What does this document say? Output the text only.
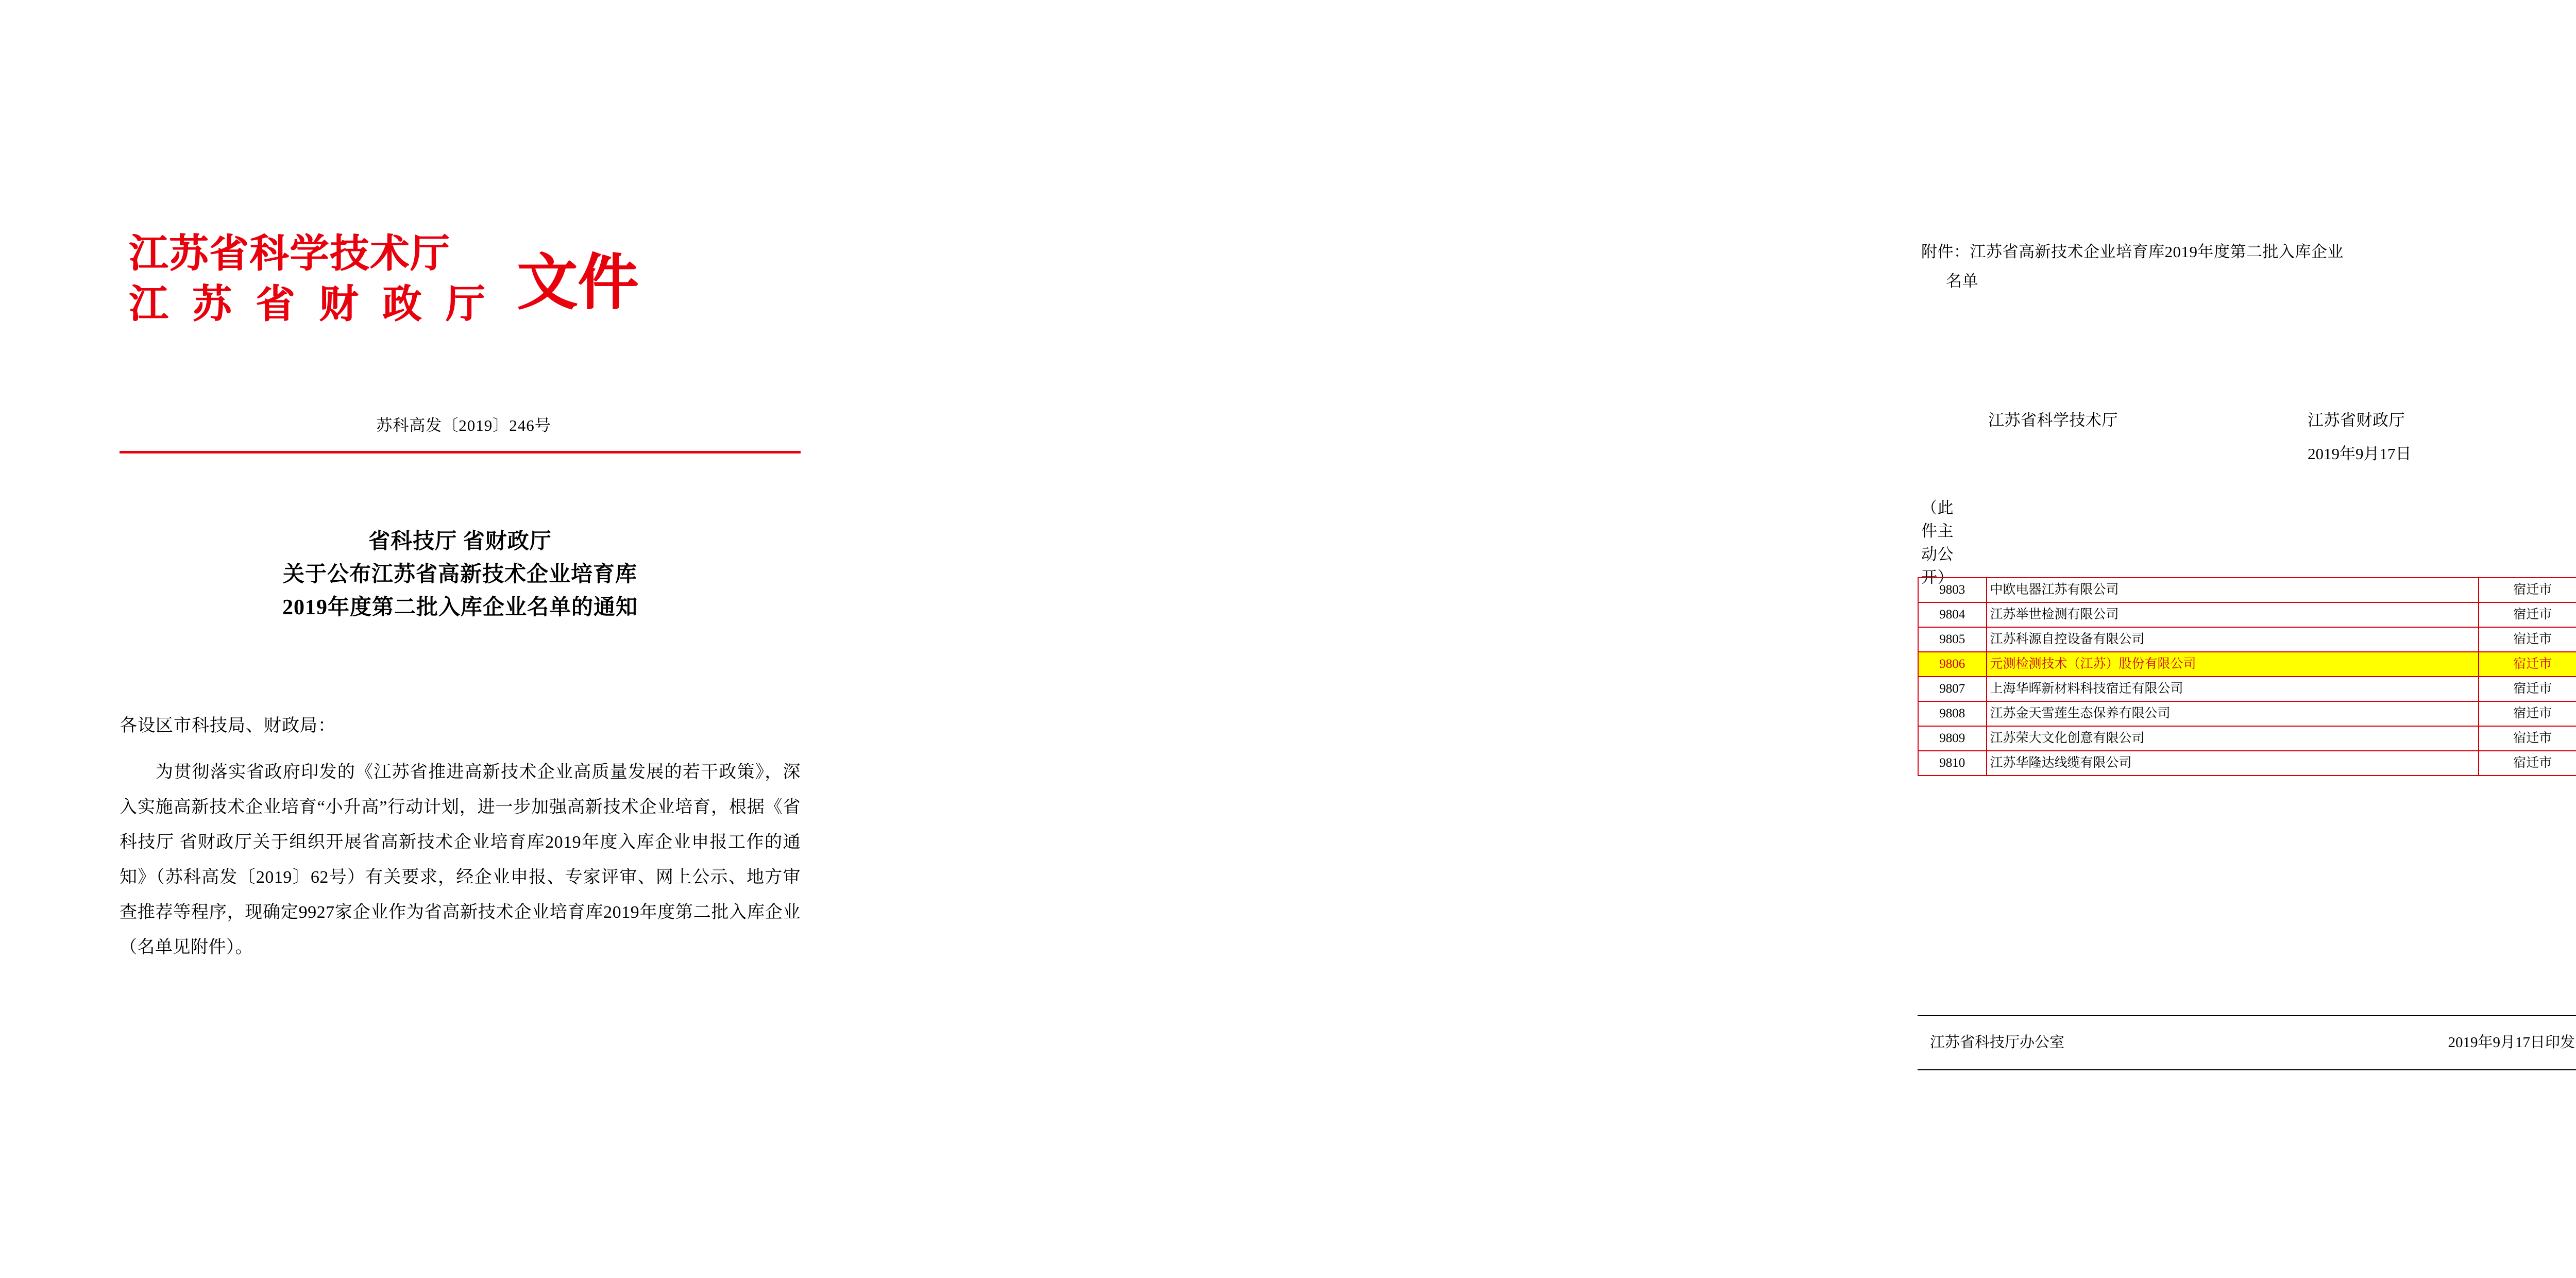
江苏省科学技术厅
江 苏 省 财 政 厅 文件
苏科高发〔2019〕246号
省科技厅 省财政厅
关于公布江苏省高新技术企业培育库
2019年度第二批入库企业名单的通知
各设区市科技局、财政局：
为贯彻落实省政府印发的《江苏省推进高新技术企业高质量发展的若干政策》，深入实施高新技术企业培育“小升高”行动计划，进一步加强高新技术企业培育，根据《省科技厅 省财政厅关于组织开展省高新技术企业培育库2019年度入库企业申报工作的通知》（苏科高发〔2019〕62号）有关要求，经企业申报、专家评审、网上公示、地方审查推荐等程序，现确定9927家企业作为省高新技术企业培育库2019年度第二批入库企业（名单见附件）。
附件：江苏省高新技术企业培育库2019年度第二批入库企业
名单
江苏省科学技术厅	江苏省财政厅
2019年9月17日
（此件主动公开）
9803	中欧电器江苏有限公司	宿迁市
9804	江苏举世检测有限公司	宿迁市
9805	江苏科源自控设备有限公司	宿迁市
9806	元测检测技术（江苏）股份有限公司	宿迁市
9807	上海华晖新材料科技宿迁有限公司	宿迁市
9808	江苏金天雪莲生态保养有限公司	宿迁市
9809	江苏荣大文化创意有限公司	宿迁市
9810	江苏华隆达线缆有限公司	宿迁市
江苏省科技厅办公室	2019年9月17日印发
